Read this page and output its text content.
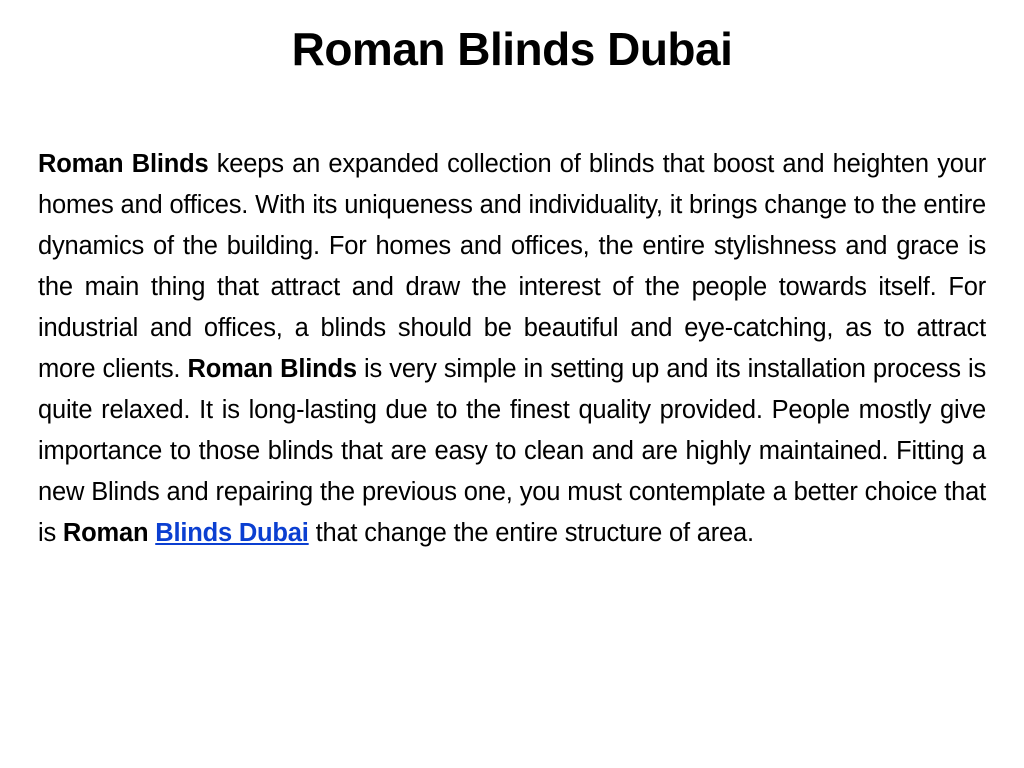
Roman Blinds Dubai

Roman Blinds keeps an expanded collection of blinds that boost and heighten your homes and offices. With its uniqueness and individuality, it brings change to the entire dynamics of the building. For homes and offices, the entire stylishness and grace is the main thing that attract and draw the interest of the people towards itself. For industrial and offices, a blinds should be beautiful and eye-catching, as to attract more clients. Roman Blinds is very simple in setting up and its installation process is quite relaxed. It is long-lasting due to the finest quality provided. People mostly give importance to those blinds that are easy to clean and are highly maintained. Fitting a new Blinds and repairing the previous one, you must contemplate a better choice that is Roman Blinds Dubai that change the entire structure of area.
